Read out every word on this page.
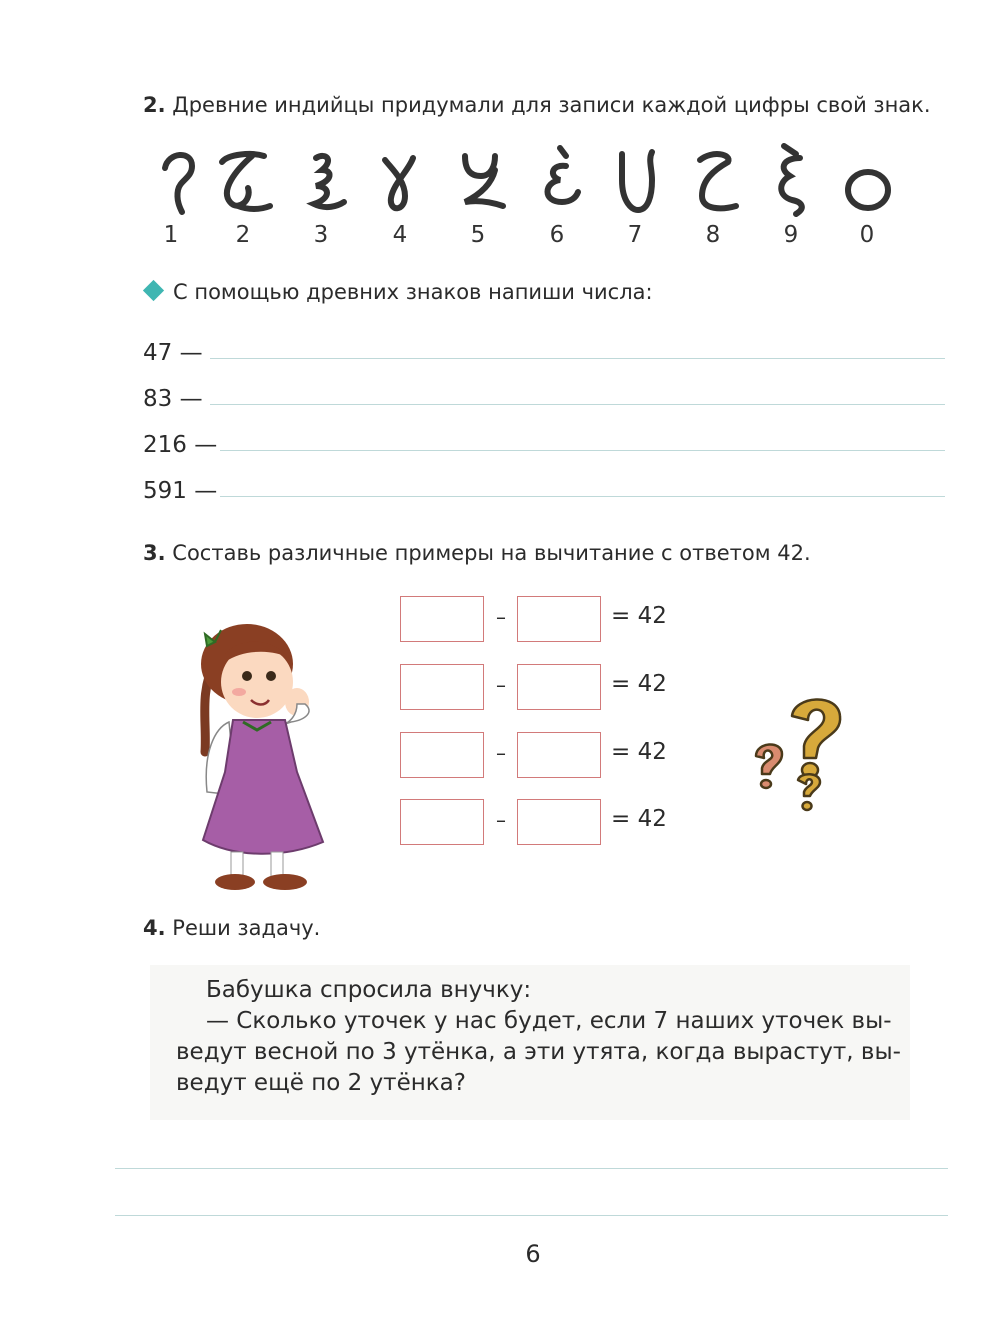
2. Древние индийцы придумали для записи каждой цифры свой знак.
1	2	3	4	5	6	7	8	9	0
С помощью древних знаков напиши числа:
47 —
83 —
216 —
591 —
3. Составь различные примеры на вычитание с ответом 42.
–	= 42
–	= 42
–	= 42
–	= 42
4. Реши задачу.
Бабушка спросила внучку:
— Сколько уточек у нас будет, если 7 наших уточек вы-
ведут весной по 3 утёнка, а эти утята, когда вырастут, вы-
ведут ещё по 2 утёнка?
6
